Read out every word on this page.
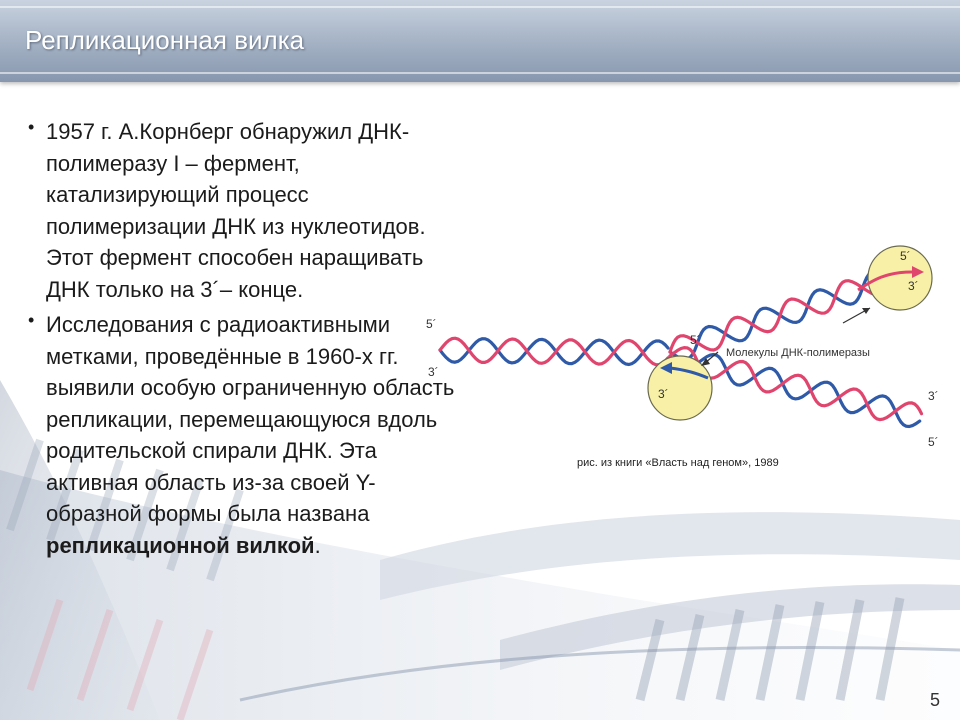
Репликационная вилка
• 1957 г. А.Корнберг обнаружил ДНК-полимеразу I – фермент, катализирующий процесс полимеризации ДНК из нуклеотидов. Этот фермент способен наращивать ДНК только на 3´– конце.
• Исследования с радиоактивными метками, проведённые в 1960-х гг. выявили особую ограниченную область репликации, перемещающуюся вдоль родительской спирали ДНК. Эта активная область из-за своей Y-образной формы была названа репликационной вилкой.
5´
3´
5´
3´
3´
5´
3´
5´
Молекулы ДНК-полимеразы
рис. из книги «Власть над геном», 1989
5
